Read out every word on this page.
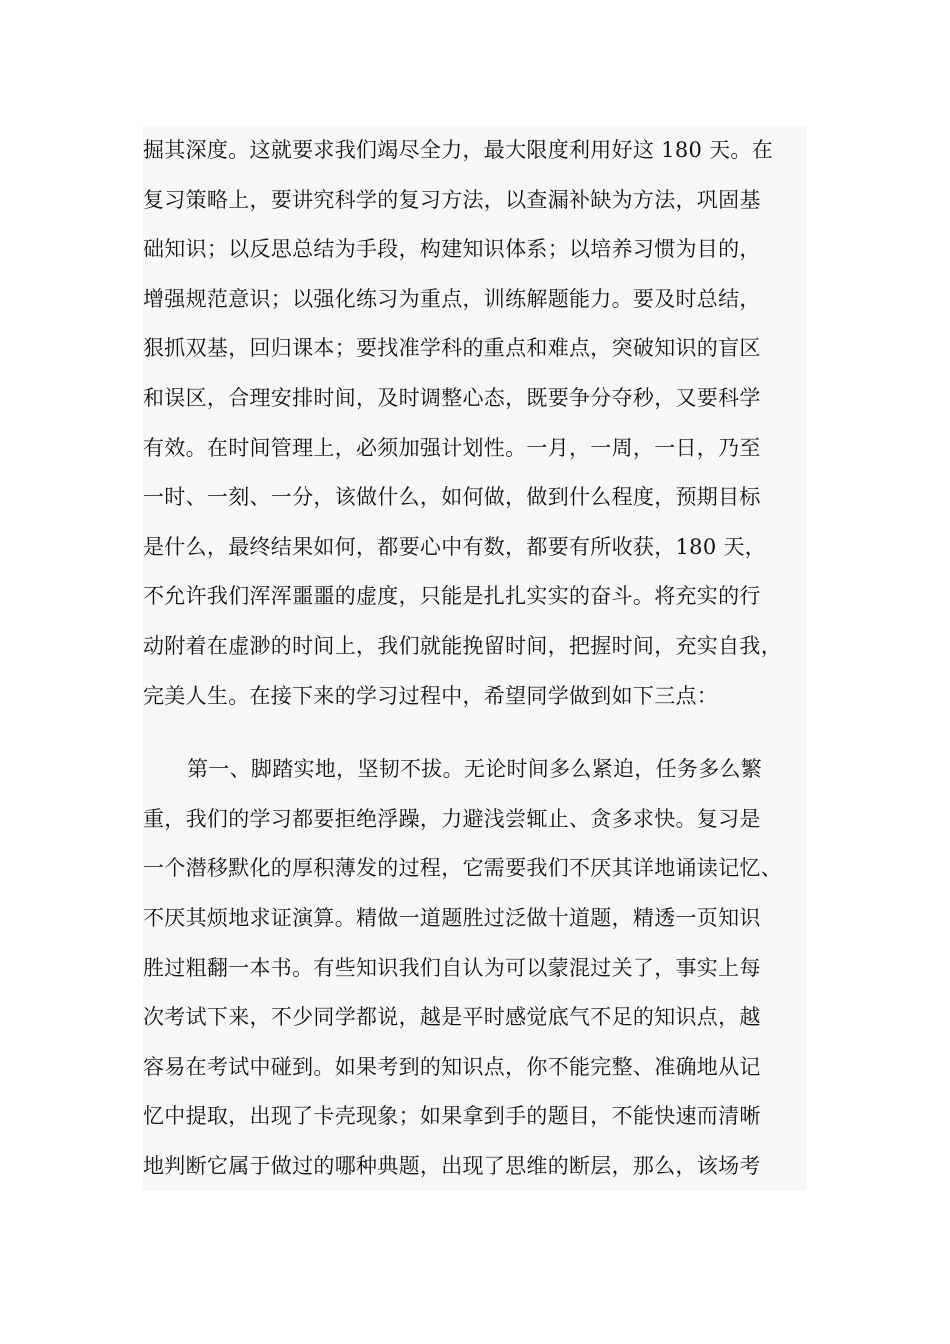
掘其深度。这就要求我们竭尽全力，最大限度利用好这 180 天。在
复习策略上，要讲究科学的复习方法，以查漏补缺为方法，巩固基
础知识；以反思总结为手段，构建知识体系；以培养习惯为目的，
增强规范意识；以强化练习为重点，训练解题能力。要及时总结，
狠抓双基，回归课本；要找准学科的重点和难点，突破知识的盲区
和误区，合理安排时间，及时调整心态，既要争分夺秒，又要科学
有效。在时间管理上，必须加强计划性。一月，一周，一日，乃至
一时、一刻、一分，该做什么，如何做，做到什么程度，预期目标
是什么，最终结果如何，都要心中有数，都要有所收获，180 天，
不允许我们浑浑噩噩的虚度，只能是扎扎实实的奋斗。将充实的行
动附着在虚渺的时间上，我们就能挽留时间，把握时间，充实自我，
完美人生。在接下来的学习过程中，希望同学做到如下三点：
第一、脚踏实地，坚韧不拔。无论时间多么紧迫，任务多么繁
重，我们的学习都要拒绝浮躁，力避浅尝辄止、贪多求快。复习是
一个潜移默化的厚积薄发的过程，它需要我们不厌其详地诵读记忆、
不厌其烦地求证演算。精做一道题胜过泛做十道题，精透一页知识
胜过粗翻一本书。有些知识我们自认为可以蒙混过关了，事实上每
次考试下来，不少同学都说，越是平时感觉底气不足的知识点，越
容易在考试中碰到。如果考到的知识点，你不能完整、准确地从记
忆中提取，出现了卡壳现象；如果拿到手的题目，不能快速而清晰
地判断它属于做过的哪种典题，出现了思维的断层，那么，该场考
